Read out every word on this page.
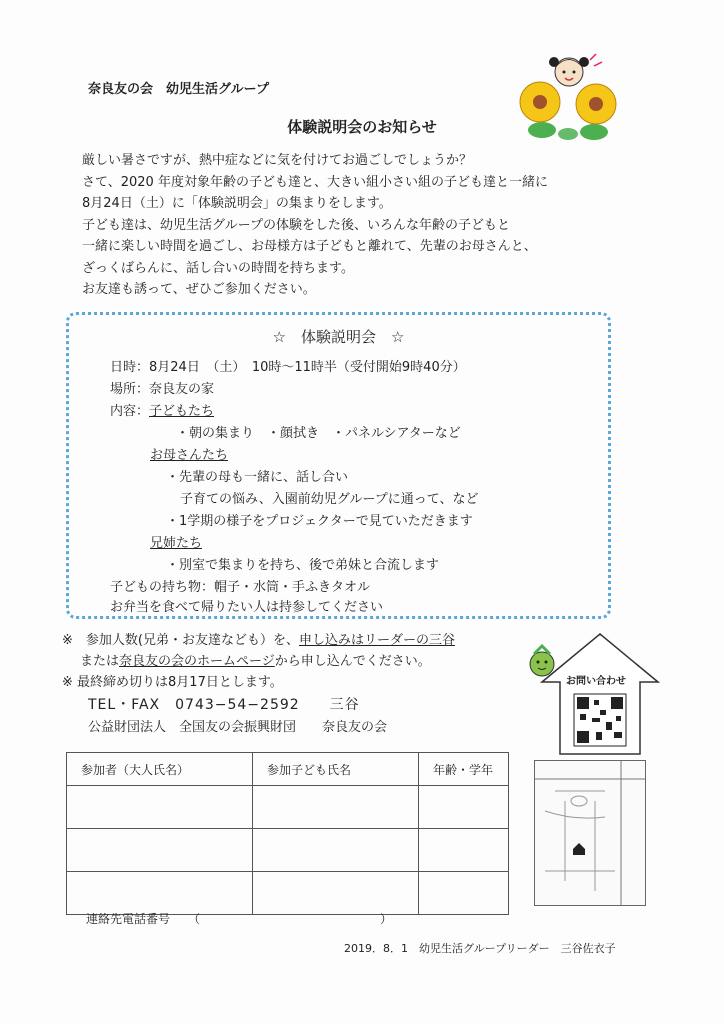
奈良友の会　幼児生活グループ
体験説明会のお知らせ
厳しい暑さですが、熱中症などに気を付けてお過ごしでしょうか？
さて、2020 年度対象年齢の子ども達と、大きい組小さい組の子ども達と一緒に
8月24日（土）に「体験説明会」の集まりをします。
子ども達は、幼児生活グループの体験をした後、いろんな年齢の子どもと
一緒に楽しい時間を過ごし、お母様方は子どもと離れて、先輩のお母さんと、
ざっくばらんに、話し合いの時間を持ちます。
お友達も誘って、ぜひご参加ください。
☆　体験説明会　☆
日時：8月24日　（土）　10時～11時半（受付開始9時40分）
場所：奈良友の家
内容：子どもたち
・朝の集まり　・顔拭き　・パネルシアターなど
お母さんたち
・先輩の母も一緒に、話し合い
子育ての悩み、入園前幼児グループに通って、など
・1学期の様子をプロジェクターで見ていただきます
兄姉たち
・別室で集まりを持ち、後で弟妹と合流します
子どもの持ち物：帽子・水筒・手ふきタオル
お弁当を食べて帰りたい人は持参してください
※　参加人数(兄弟・お友達なども）を、申し込みはリーダーの三谷
または奈良友の会のホームページから申し込んでください。
※ 最終締め切りは8月17日とします。
TEL・FAX　0743−54−2592　　三谷
公益財団法人　全国友の会振興財団　　奈良友の会
お問い合わせ
参加者（大人氏名）	参加子ども氏名	年齢・学年

連絡先電話番号　　（　　　　　　　　　　　　　　　）
2019．8．1　幼児生活グループリーダー　三谷佐衣子
